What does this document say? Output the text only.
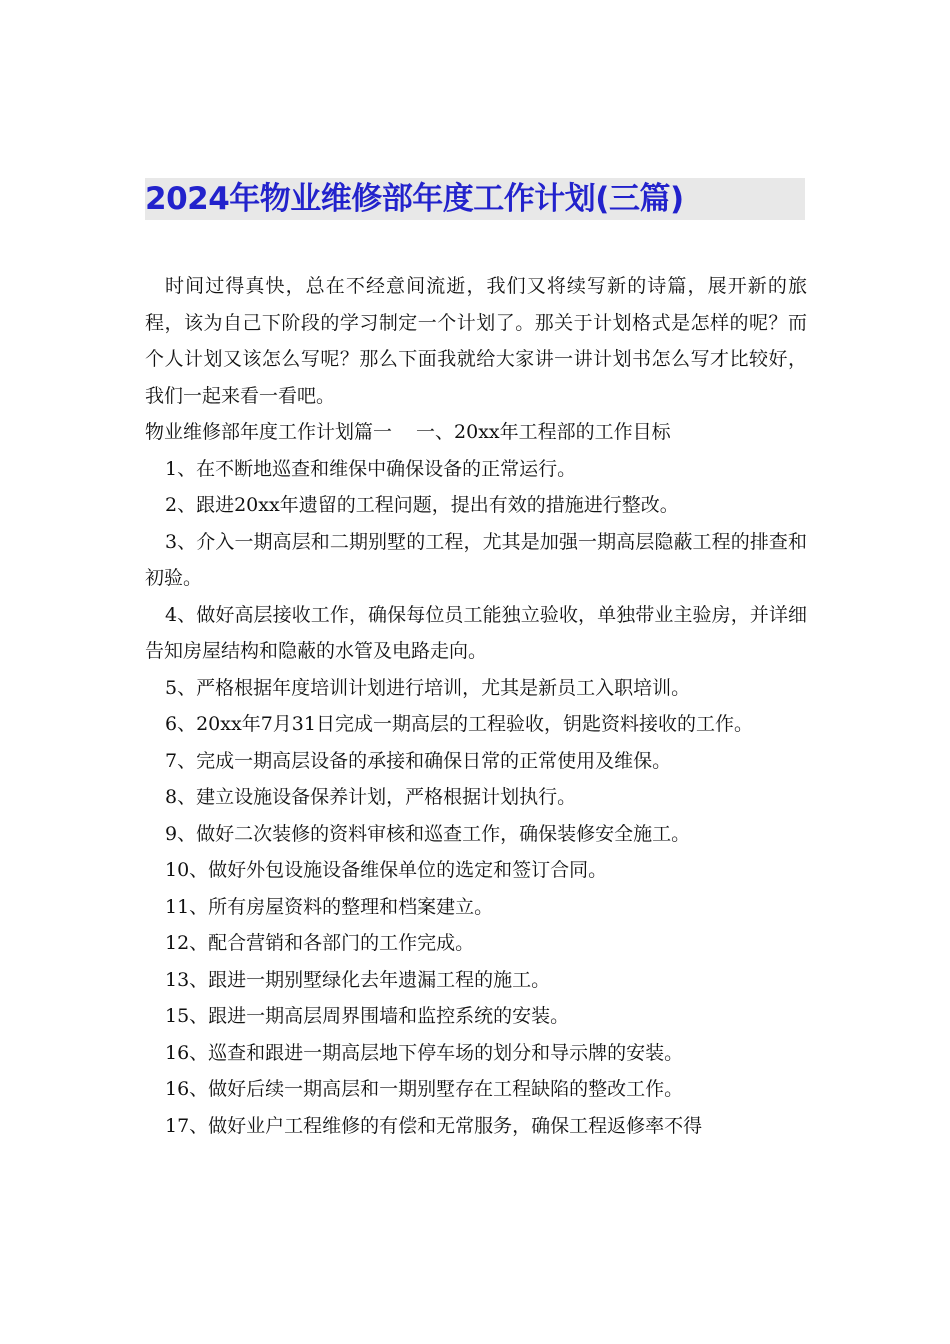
2024年物业维修部年度工作计划(三篇)

时间过得真快，总在不经意间流逝，我们又将续写新的诗篇，展开新的旅程，该为自己下阶段的学习制定一个计划了。那关于计划格式是怎样的呢？而个人计划又该怎么写呢？那么下面我就给大家讲一讲计划书怎么写才比较好，我们一起来看一看吧。

物业维修部年度工作计划篇一 一、20xx年工程部的工作目标

1、在不断地巡查和维保中确保设备的正常运行。
2、跟进20xx年遗留的工程问题，提出有效的措施进行整改。
3、介入一期高层和二期别墅的工程，尤其是加强一期高层隐蔽工程的排查和初验。
4、做好高层接收工作，确保每位员工能独立验收，单独带业主验房，并详细告知房屋结构和隐蔽的水管及电路走向。
5、严格根据年度培训计划进行培训，尤其是新员工入职培训。
6、20xx年7月31日完成一期高层的工程验收，钥匙资料接收的工作。
7、完成一期高层设备的承接和确保日常的正常使用及维保。
8、建立设施设备保养计划，严格根据计划执行。
9、做好二次装修的资料审核和巡查工作，确保装修安全施工。
10、做好外包设施设备维保单位的选定和签订合同。
11、所有房屋资料的整理和档案建立。
12、配合营销和各部门的工作完成。
13、跟进一期别墅绿化去年遗漏工程的施工。
15、跟进一期高层周界围墙和监控系统的安装。
16、巡查和跟进一期高层地下停车场的划分和导示牌的安装。
16、做好后续一期高层和一期别墅存在工程缺陷的整改工作。
17、做好业户工程维修的有偿和无常服务，确保工程返修率不得
